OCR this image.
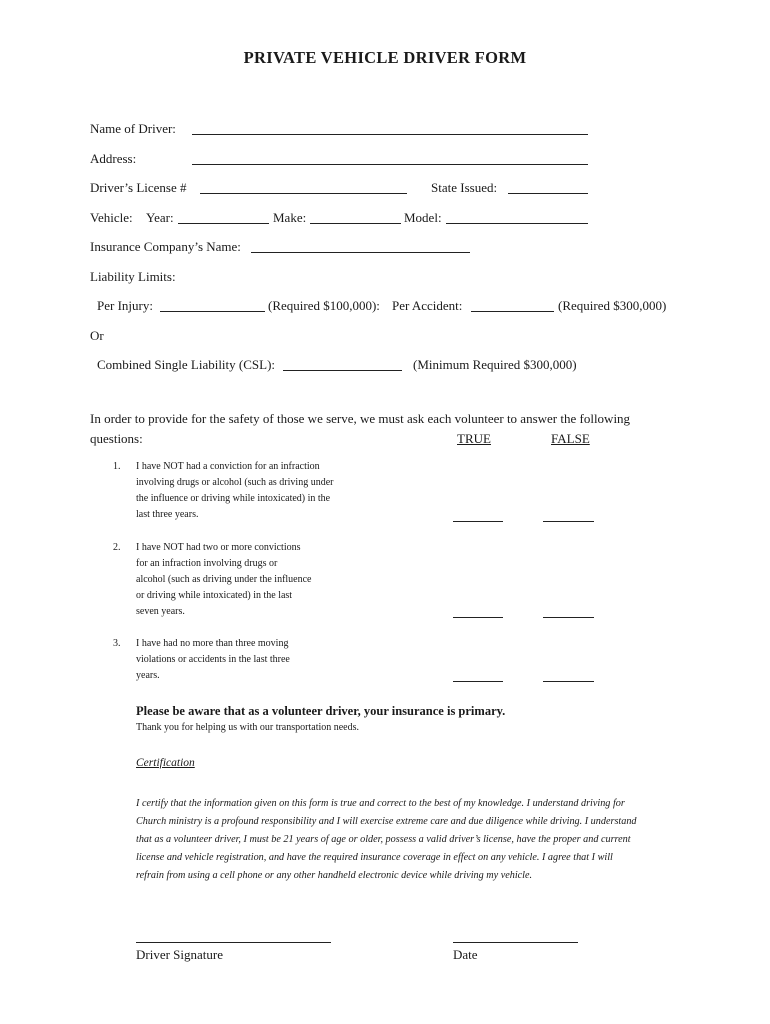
PRIVATE VEHICLE DRIVER FORM
Name of Driver:
Address:
Driver’s License #	State Issued:
Vehicle: Year:	Make:	Model:
Insurance Company’s Name:
Liability Limits:
Per Injury:	(Required $100,000): Per Accident:	(Required $300,000)
Or
Combined Single Liability (CSL):	(Minimum Required $300,000)
In order to provide for the safety of those we serve, we must ask each volunteer to answer the following
questions:	TRUE	FALSE
1. I have NOT had a conviction for an infraction
involving drugs or alcohol (such as driving under
the influence or driving while intoxicated) in the
last three years.
2. I have NOT had two or more convictions
for an infraction involving drugs or
alcohol (such as driving under the influence
or driving while intoxicated) in the last
seven years.
3. I have had no more than three moving
violations or accidents in the last three
years.
Please be aware that as a volunteer driver, your insurance is primary.
Thank you for helping us with our transportation needs.
Certification
I certify that the information given on this form is true and correct to the best of my knowledge. I understand driving for
Church ministry is a profound responsibility and I will exercise extreme care and due diligence while driving. I understand
that as a volunteer driver, I must be 21 years of age or older, possess a valid driver’s license, have the proper and current
license and vehicle registration, and have the required insurance coverage in effect on any vehicle. I agree that I will
refrain from using a cell phone or any other handheld electronic device while driving my vehicle.
Driver Signature	Date
